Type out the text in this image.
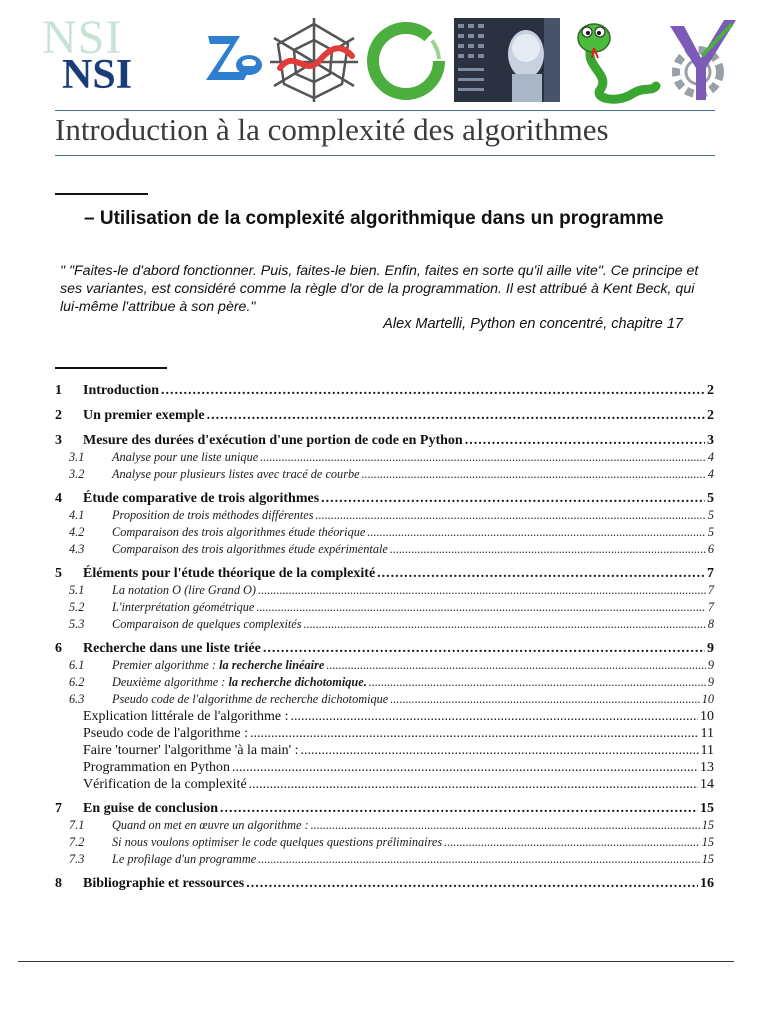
NSI
NSI
Introduction à la complexité des algorithmes
– Utilisation de la complexité algorithmique dans un programme
" "Faites-le d'abord fonctionner. Puis, faites-le bien. Enfin, faites en sorte qu'il aille vite". Ce principe et ses variantes, est considéré comme la règle d'or de la programmation. Il est attribué à Kent Beck, qui lui-même l'attribue à son père."
Alex Martelli, Python en concentré, chapitre 17
1	Introduction .....	2
2	Un premier exemple .....	2
3	Mesure des durées d'exécution d'une portion de code en Python .....	3
3.1	Analyse pour une liste unique .....	4
3.2	Analyse pour plusieurs listes avec tracé de courbe .....	4
4	Étude comparative de trois algorithmes .....	5
4.1	Proposition de trois méthodes différentes .....	5
4.2	Comparaison des trois algorithmes étude théorique .....	5
4.3	Comparaison des trois algorithmes étude expérimentale .....	6
5	Éléments pour l'étude théorique de la complexité .....	7
5.1	La notation O (lire Grand O) .....	7
5.2	L'interprétation géométrique .....	7
5.3	Comparaison de quelques complexités .....	8
6	Recherche dans une liste triée .....	9
6.1	Premier algorithme : la recherche linéaire .....	9
6.2	Deuxième algorithme : la recherche dichotomique. .....	9
6.3	Pseudo code de l'algorithme de recherche dichotomique .....	10
Explication littérale de l'algorithme : .....	10
Pseudo code de l'algorithme : .....	11
Faire 'tourner' l'algorithme 'à la main' : .....	11
Programmation en Python .....	13
Vérification de la complexité .....	14
7	En guise de conclusion .....	15
7.1	Quand on met en œuvre un algorithme : .....	15
7.2	Si nous voulons optimiser le code quelques questions préliminaires .....	15
7.3	Le profilage d'un programme .....	15
8	Bibliographie et ressources .....	16
